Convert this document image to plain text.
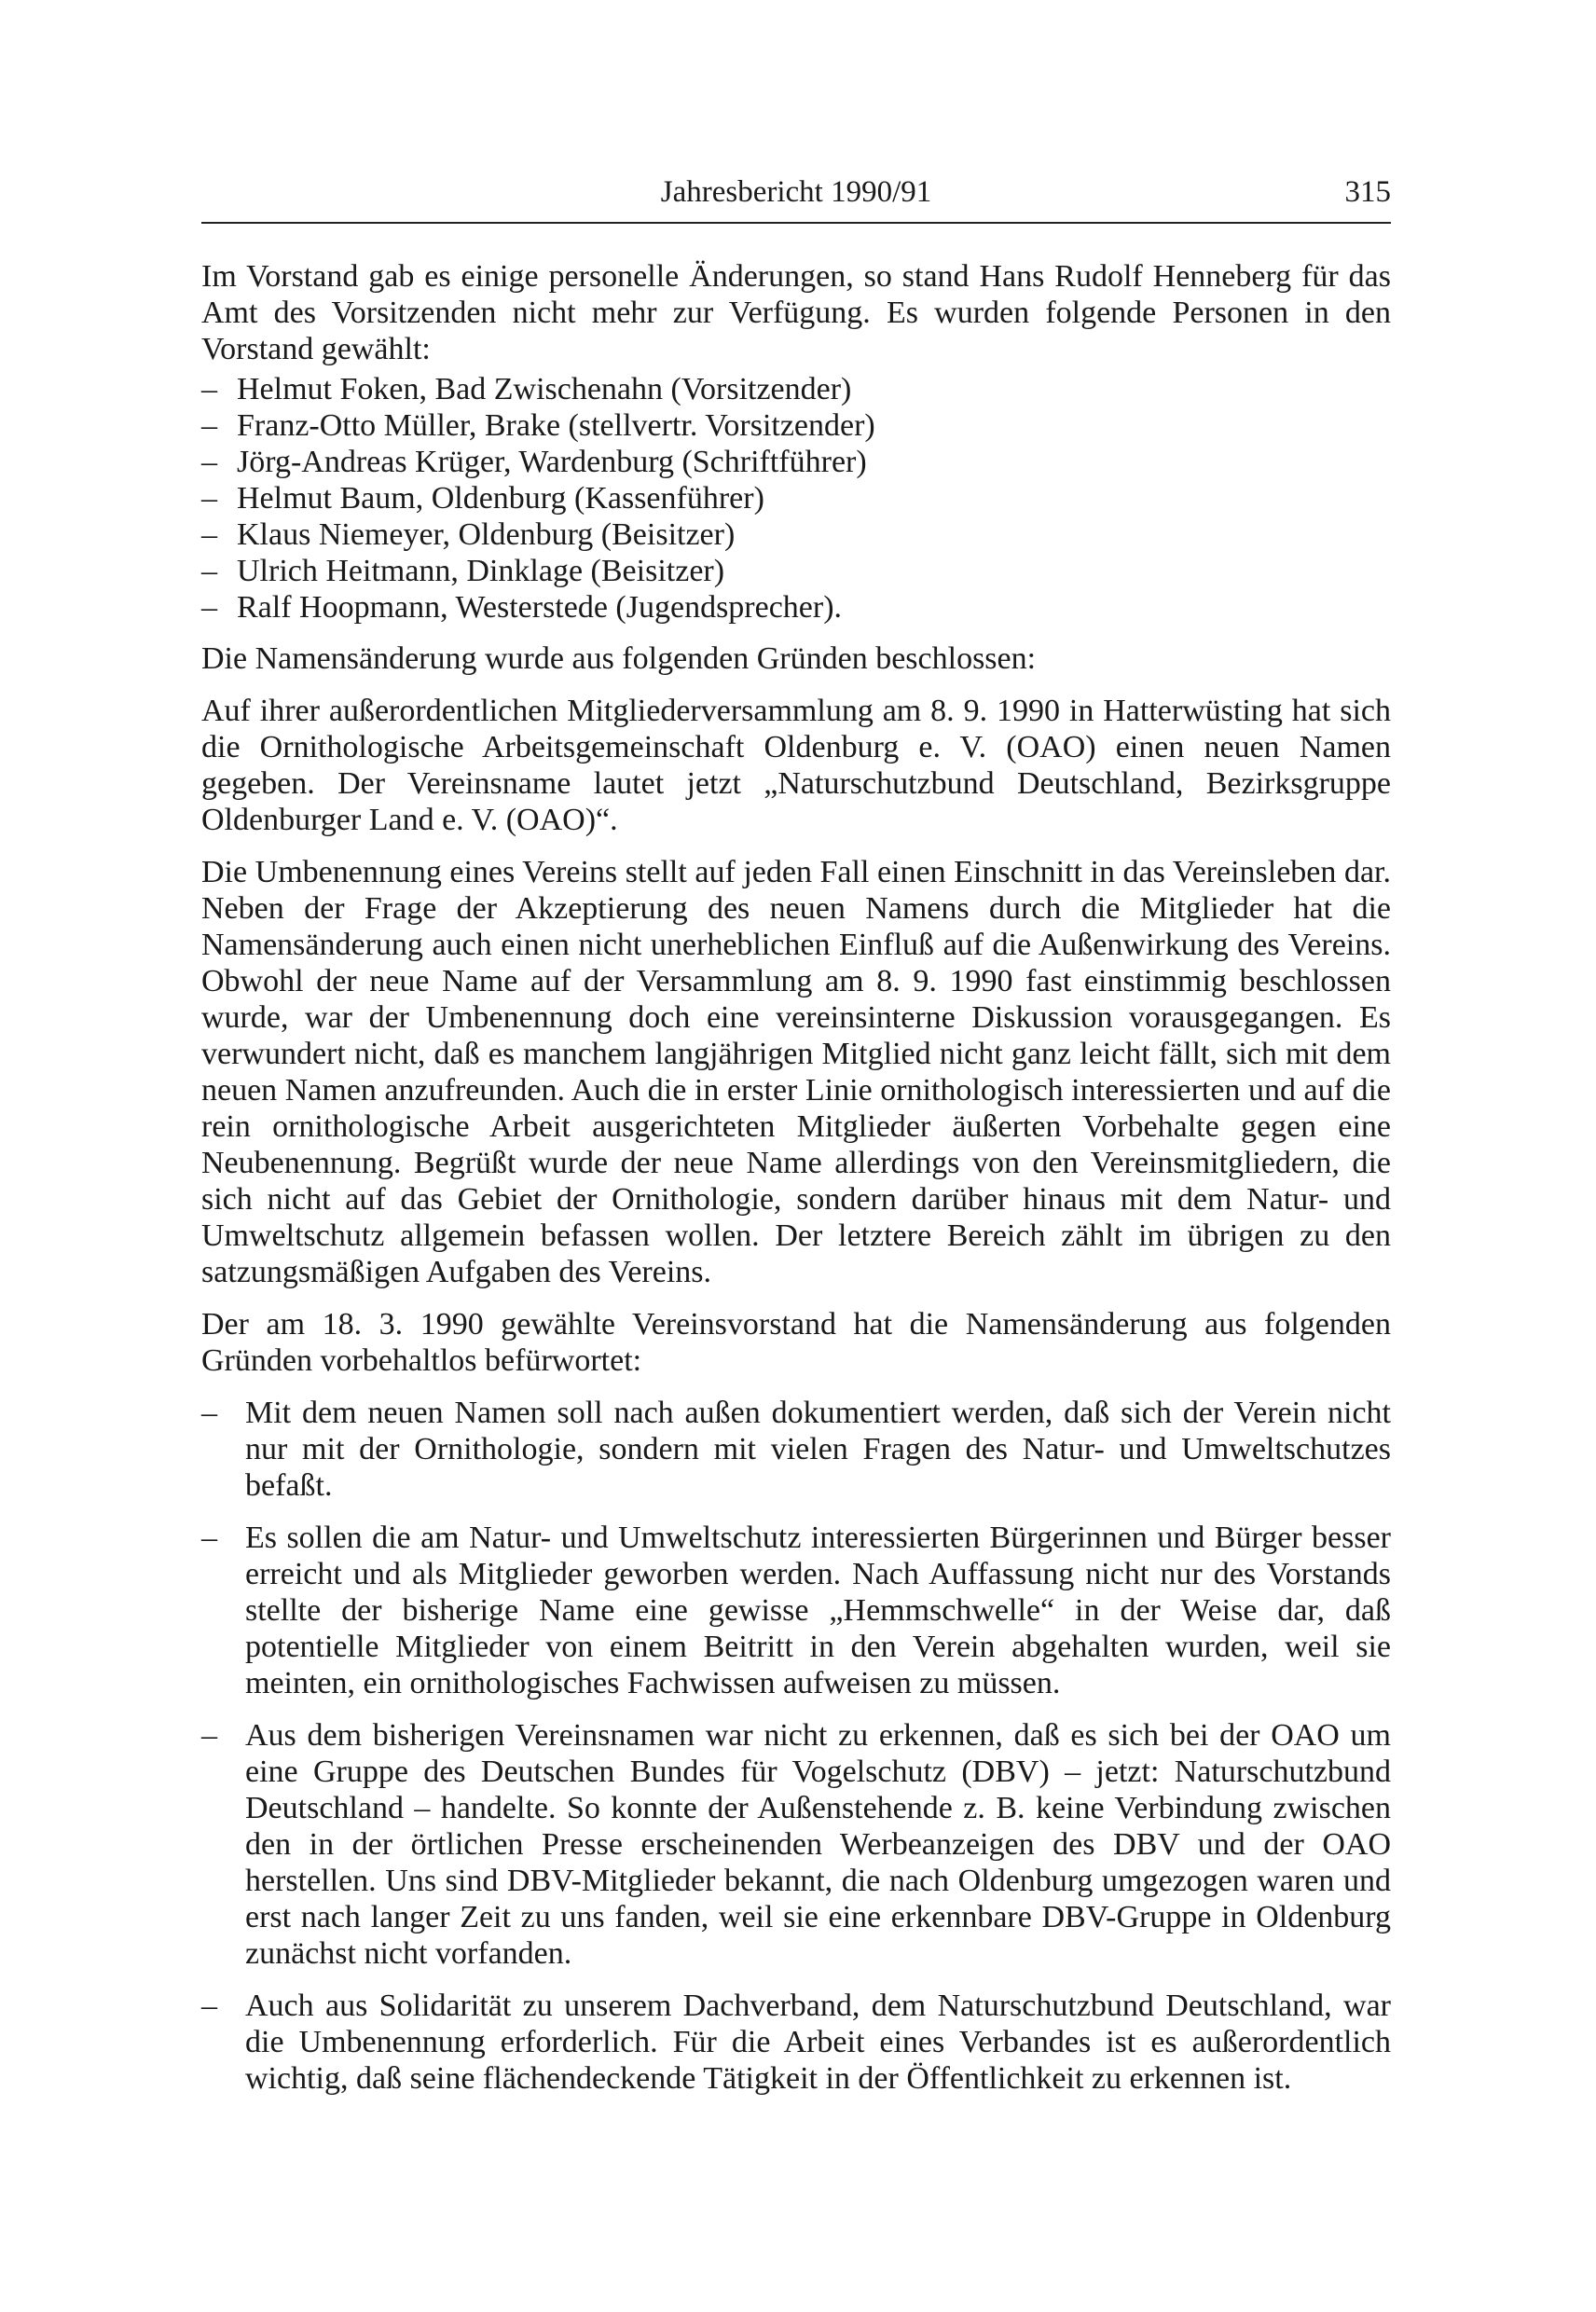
Jahresbericht 1990/91	315

Im Vorstand gab es einige personelle Änderungen, so stand Hans Rudolf Henneberg für das Amt des Vorsitzenden nicht mehr zur Verfügung. Es wurden folgende Personen in den Vorstand gewählt:

– Helmut Foken, Bad Zwischenahn (Vorsitzender)
– Franz-Otto Müller, Brake (stellvertr. Vorsitzender)
– Jörg-Andreas Krüger, Wardenburg (Schriftführer)
– Helmut Baum, Oldenburg (Kassenführer)
– Klaus Niemeyer, Oldenburg (Beisitzer)
– Ulrich Heitmann, Dinklage (Beisitzer)
– Ralf Hoopmann, Westerstede (Jugendsprecher).

Die Namensänderung wurde aus folgenden Gründen beschlossen:

Auf ihrer außerordentlichen Mitgliederversammlung am 8. 9. 1990 in Hatterwüsting hat sich die Ornithologische Arbeitsgemeinschaft Oldenburg e. V. (OAO) einen neuen Namen gegeben. Der Vereinsname lautet jetzt „Naturschutzbund Deutschland, Bezirksgruppe Oldenburger Land e. V. (OAO)“.

Die Umbenennung eines Vereins stellt auf jeden Fall einen Einschnitt in das Vereinsleben dar. Neben der Frage der Akzeptierung des neuen Namens durch die Mitglieder hat die Namensänderung auch einen nicht unerheblichen Einfluß auf die Außenwirkung des Vereins. Obwohl der neue Name auf der Versammlung am 8. 9. 1990 fast einstimmig beschlossen wurde, war der Umbenennung doch eine vereinsinterne Diskussion vorausgegangen. Es verwundert nicht, daß es manchem langjährigen Mitglied nicht ganz leicht fällt, sich mit dem neuen Namen anzufreunden. Auch die in erster Linie ornithologisch interessierten und auf die rein ornithologische Arbeit ausgerichteten Mitglieder äußerten Vorbehalte gegen eine Neubenennung. Begrüßt wurde der neue Name allerdings von den Vereinsmitgliedern, die sich nicht auf das Gebiet der Ornithologie, sondern darüber hinaus mit dem Natur- und Umweltschutz allgemein befassen wollen. Der letztere Bereich zählt im übrigen zu den satzungsmäßigen Aufgaben des Vereins.

Der am 18. 3. 1990 gewählte Vereinsvorstand hat die Namensänderung aus folgenden Gründen vorbehaltlos befürwortet:

– Mit dem neuen Namen soll nach außen dokumentiert werden, daß sich der Verein nicht nur mit der Ornithologie, sondern mit vielen Fragen des Natur- und Umweltschutzes befaßt.
– Es sollen die am Natur- und Umweltschutz interessierten Bürgerinnen und Bürger besser erreicht und als Mitglieder geworben werden. Nach Auffassung nicht nur des Vorstands stellte der bisherige Name eine gewisse „Hemmschwelle“ in der Weise dar, daß potentielle Mitglieder von einem Beitritt in den Verein abgehalten wurden, weil sie meinten, ein ornithologisches Fachwissen aufweisen zu müssen.
– Aus dem bisherigen Vereinsnamen war nicht zu erkennen, daß es sich bei der OAO um eine Gruppe des Deutschen Bundes für Vogelschutz (DBV) – jetzt: Naturschutzbund Deutschland – handelte. So konnte der Außenstehende z. B. keine Verbindung zwischen den in der örtlichen Presse erscheinenden Werbeanzeigen des DBV und der OAO herstellen. Uns sind DBV-Mitglieder bekannt, die nach Oldenburg umgezogen waren und erst nach langer Zeit zu uns fanden, weil sie eine erkennbare DBV-Gruppe in Oldenburg zunächst nicht vorfanden.
– Auch aus Solidarität zu unserem Dachverband, dem Naturschutzbund Deutschland, war die Umbenennung erforderlich. Für die Arbeit eines Verbandes ist es außerordentlich wichtig, daß seine flächendeckende Tätigkeit in der Öffentlichkeit zu erkennen ist.
